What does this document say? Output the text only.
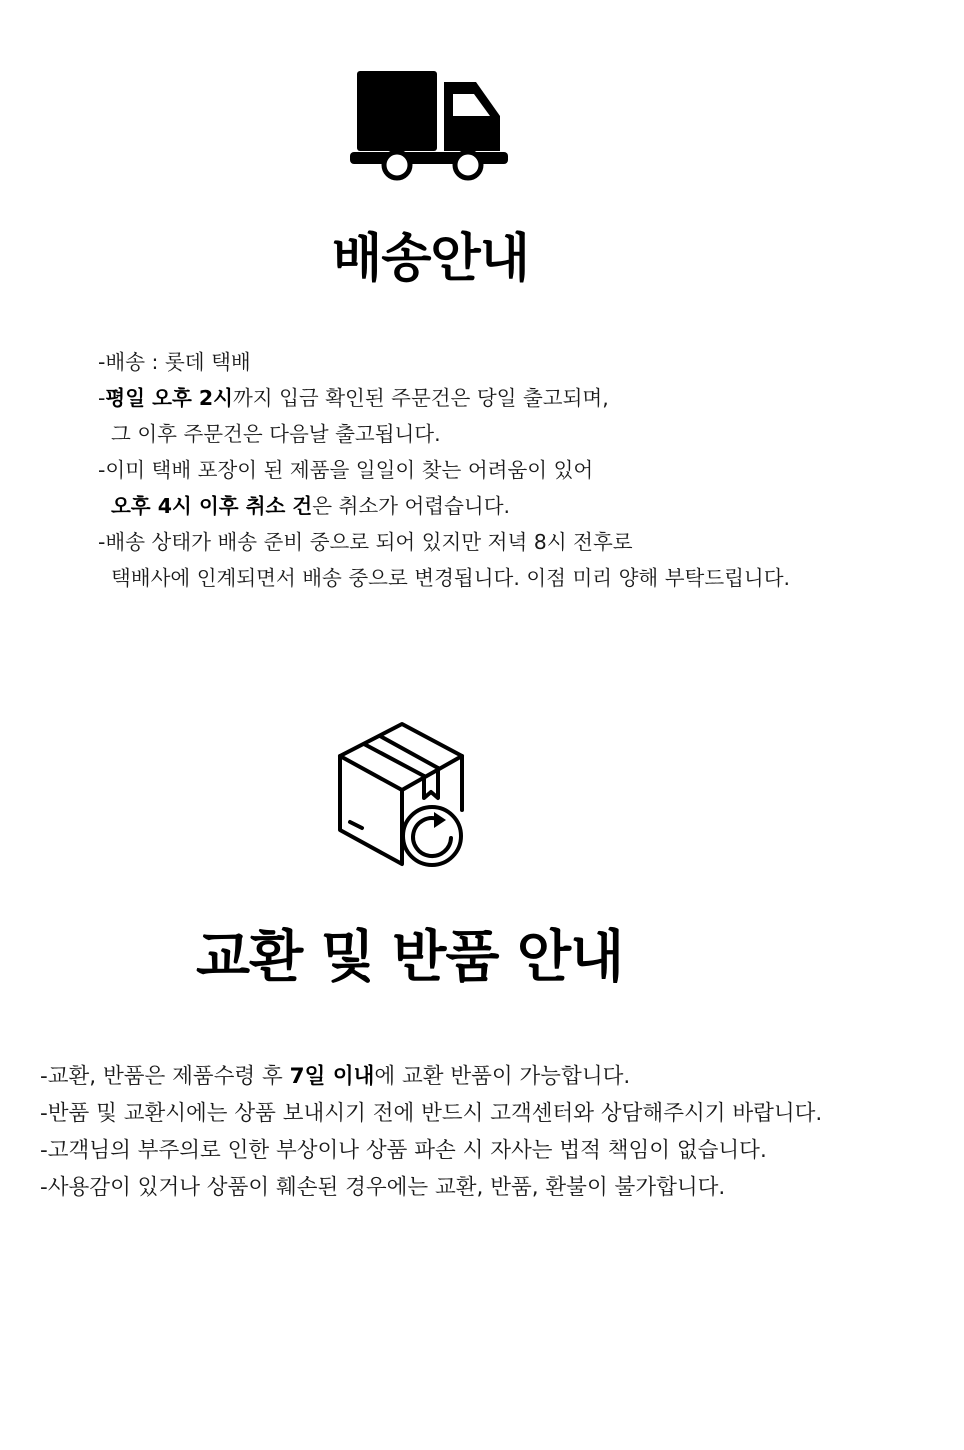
배송안내
-배송 : 롯데 택배
-평일 오후 2시까지 입금 확인된 주문건은 당일 출고되며,
그 이후 주문건은 다음날 출고됩니다.
-이미 택배 포장이 된 제품을 일일이 찾는 어려움이 있어
오후 4시 이후 취소 건은 취소가 어렵습니다.
-배송 상태가 배송 준비 중으로 되어 있지만 저녁 8시 전후로
택배사에 인계되면서 배송 중으로 변경됩니다. 이점 미리 양해 부탁드립니다.
교환 및 반품 안내
-교환, 반품은 제품수령 후 7일 이내에 교환 반품이 가능합니다.
-반품 및 교환시에는 상품 보내시기 전에 반드시 고객센터와 상담해주시기 바랍니다.
-고객님의 부주의로 인한 부상이나 상품 파손 시 자사는 법적 책임이 없습니다.
-사용감이 있거나 상품이 훼손된 경우에는 교환, 반품, 환불이 불가합니다.
